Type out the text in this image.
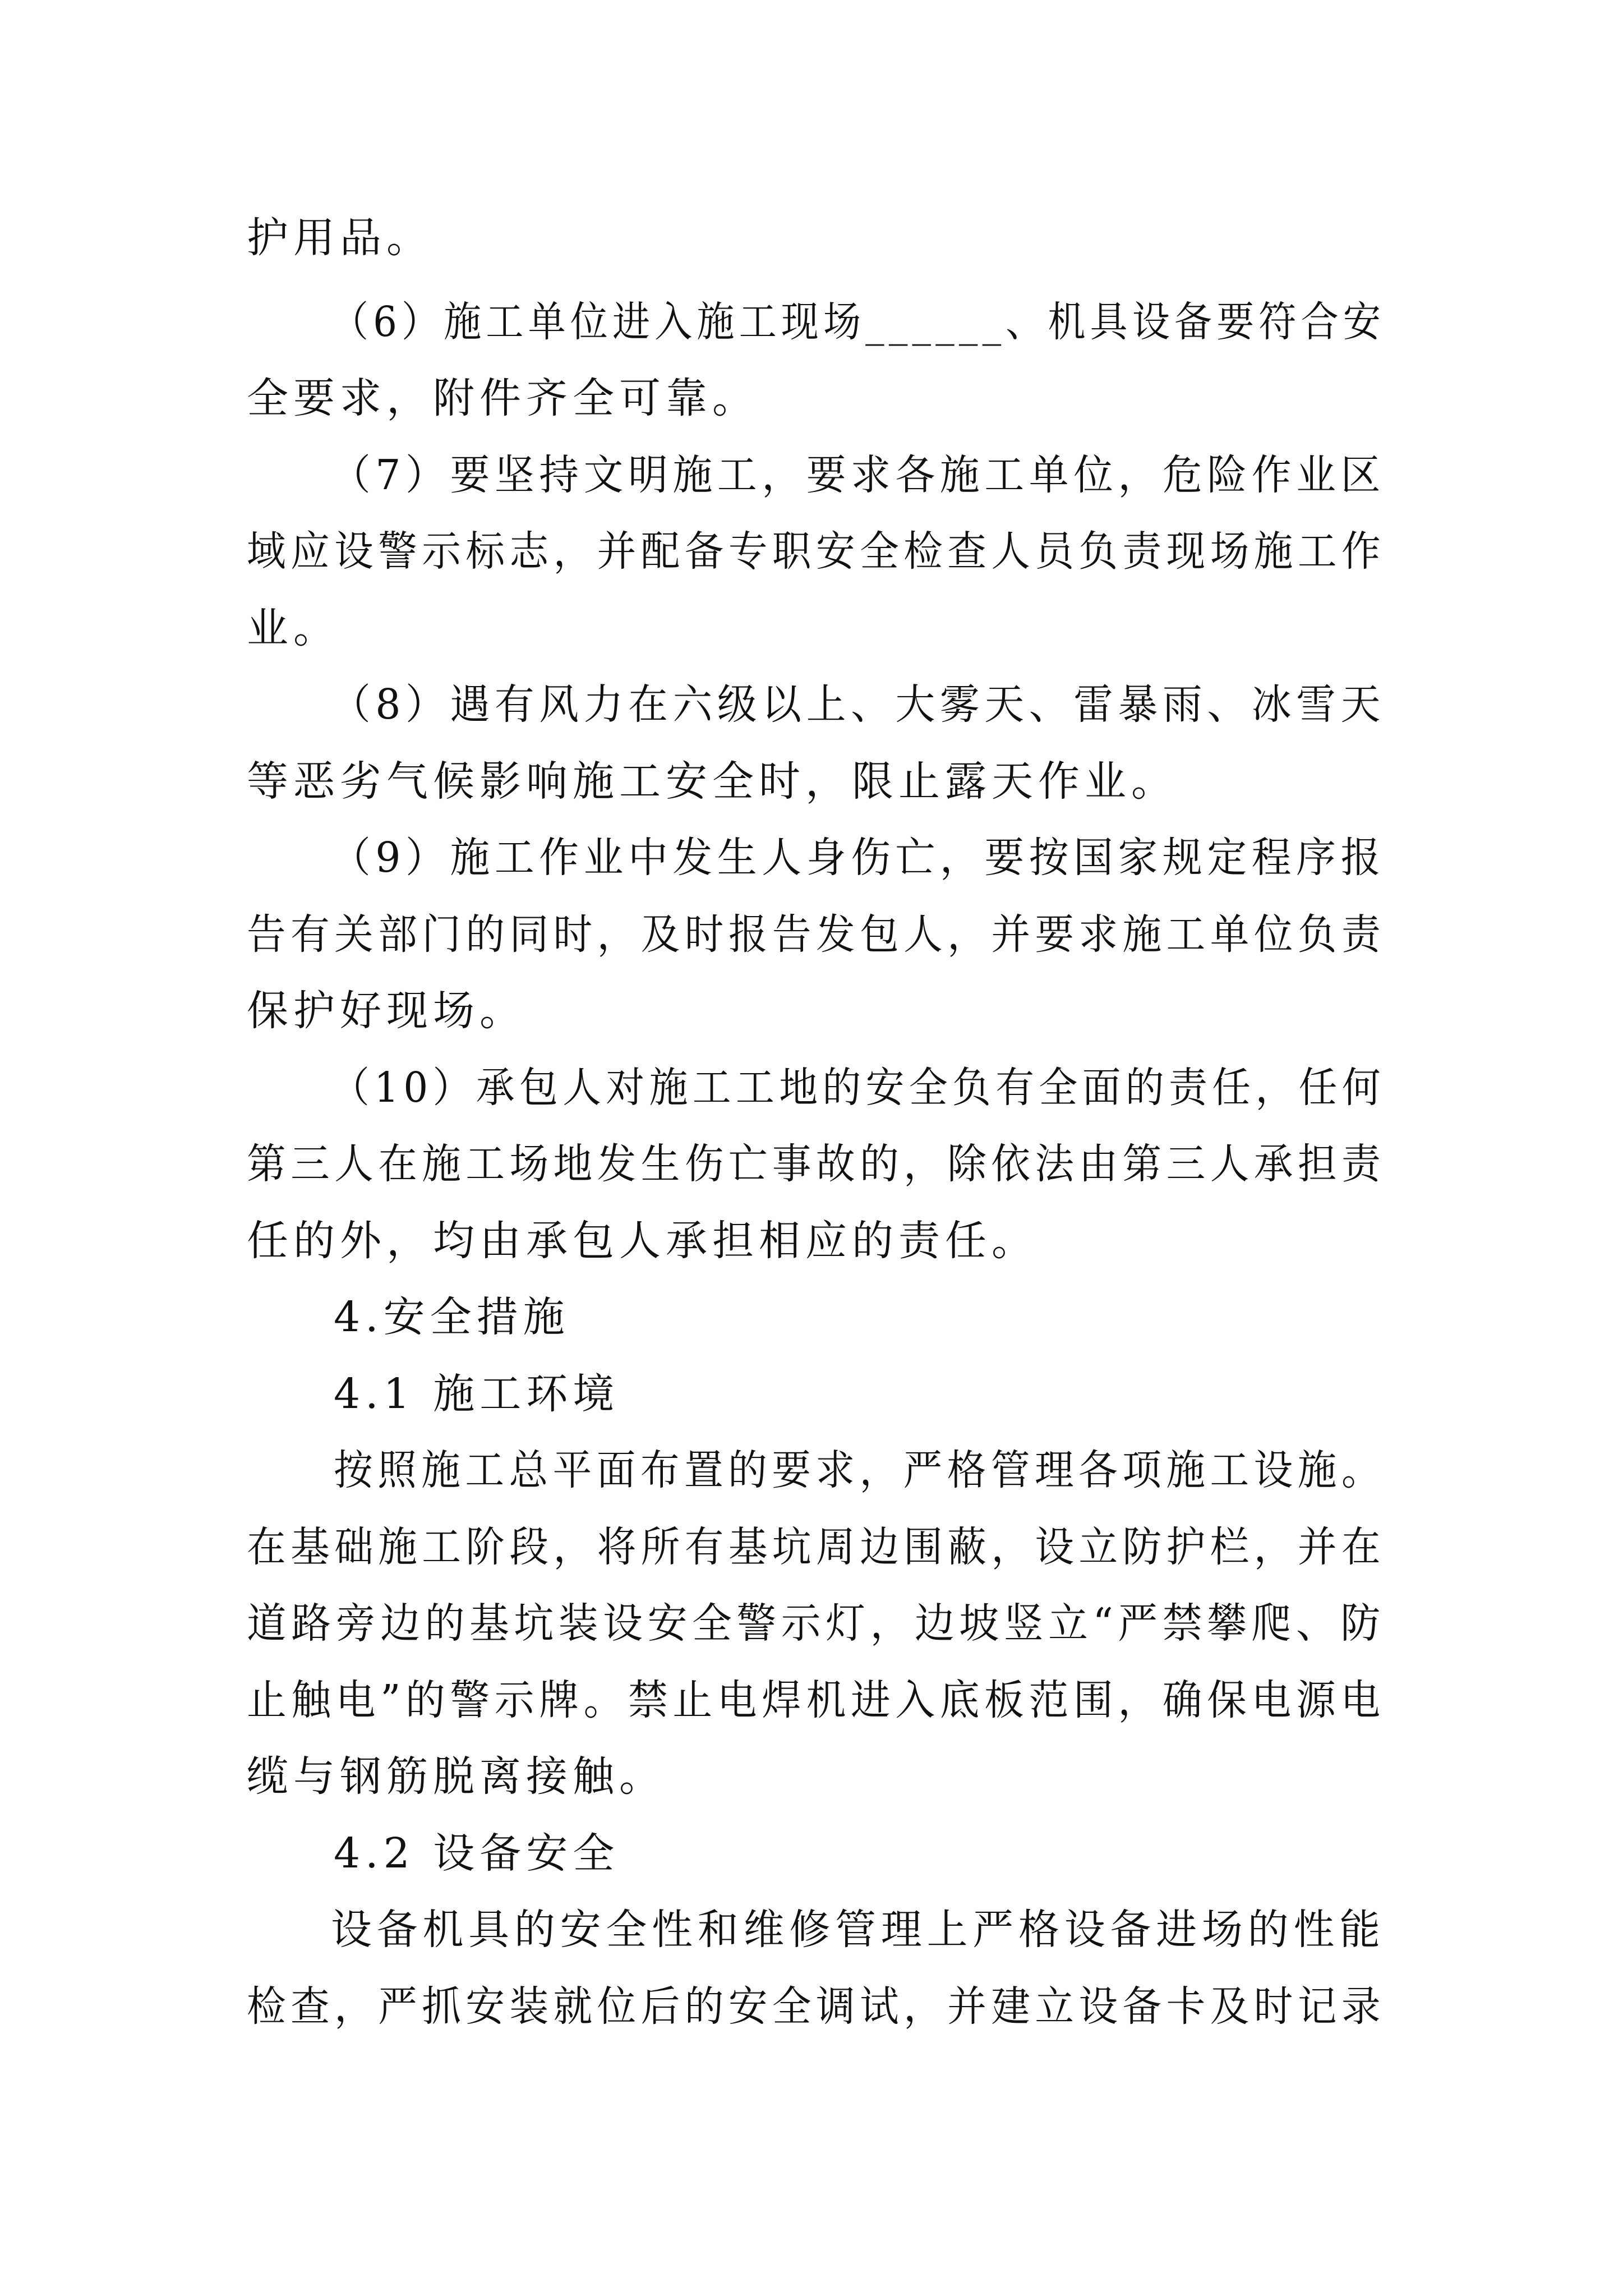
护用品。
（6）施工单位进入施工现场______、机具设备要符合安
全要求，附件齐全可靠。
（7）要坚持文明施工，要求各施工单位，危险作业区
域应设警示标志，并配备专职安全检查人员负责现场施工作
业。
（8）遇有风力在六级以上、大雾天、雷暴雨、冰雪天
等恶劣气候影响施工安全时，限止露天作业。
（9）施工作业中发生人身伤亡，要按国家规定程序报
告有关部门的同时，及时报告发包人，并要求施工单位负责
保护好现场。
（10）承包人对施工工地的安全负有全面的责任，任何
第三人在施工场地发生伤亡事故的，除依法由第三人承担责
任的外，均由承包人承担相应的责任。
4.安全措施
4.1 施工环境
按照施工总平面布置的要求，严格管理各项施工设施。
在基础施工阶段，将所有基坑周边围蔽，设立防护栏，并在
道路旁边的基坑装设安全警示灯，边坡竖立“严禁攀爬、防
止触电”的警示牌。禁止电焊机进入底板范围，确保电源电
缆与钢筋脱离接触。
4.2 设备安全
设备机具的安全性和维修管理上严格设备进场的性能
检查，严抓安装就位后的安全调试，并建立设备卡及时记录
